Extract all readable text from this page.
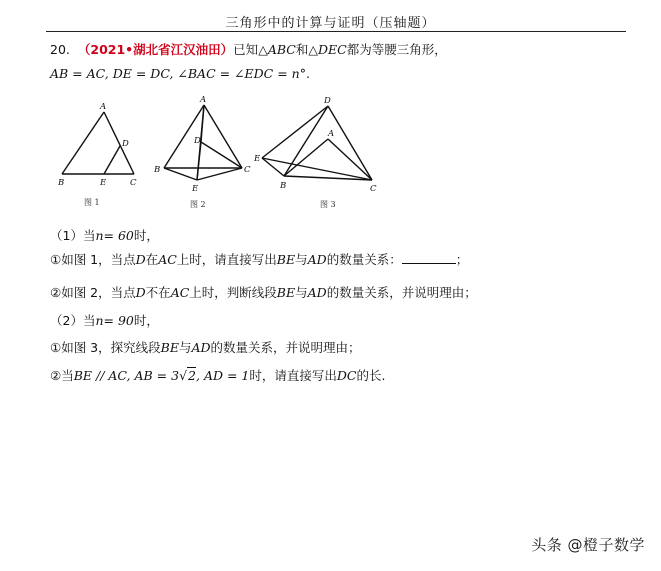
三角形中的计算与证明（压轴题）
20. （2021•湖北省江汉油田）已知△ABC和△DEC都为等腰三角形，
AB = AC, DE = DC, ∠BAC = ∠EDC = n°.
A
D
B	E	C
图 1
A
D
B
E
C
图 2
D
A
E
B	C
图 3
（1）当n= 60时，
①如图 1，当点D在AC上时，请直接写出BE与AD的数量关系：	；
②如图 2，当点D不在AC上时，判断线段BE与AD的数量关系，并说明理由；
（2）当n= 90时，
①如图 3，探究线段BE与AD的数量关系，并说明理由；
②当BE // AC, AB = 3√2, AD = 1时，请直接写出DC的长.
头条 @橙子数学
